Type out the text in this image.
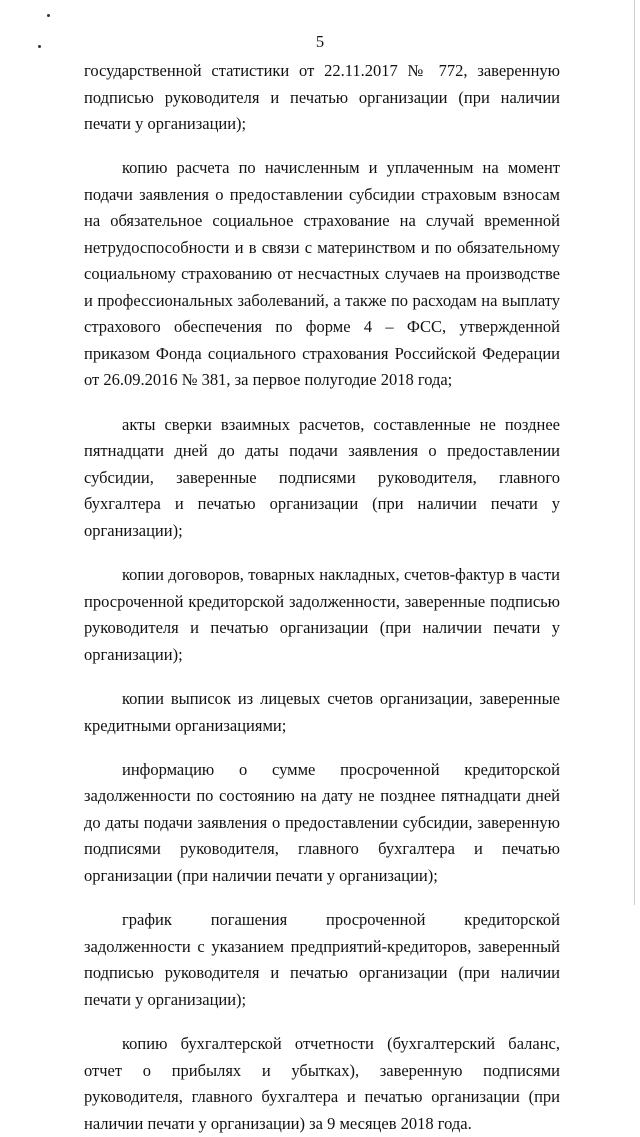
5

государственной статистики от 22.11.2017 № 772, заверенную подписью руководителя и печатью организации (при наличии печати у организации);

копию расчета по начисленным и уплаченным на момент подачи заявления о предоставлении субсидии страховым взносам на обязательное социальное страхование на случай временной нетрудоспособности и в связи с материнством и по обязательному социальному страхованию от несчастных случаев на производстве и профессиональных заболеваний, а также по расходам на выплату страхового обеспечения по форме 4 – ФСС, утвержденной приказом Фонда социального страхования Российской Федерации от 26.09.2016 № 381, за первое полугодие 2018 года;

акты сверки взаимных расчетов, составленные не позднее пятнадцати дней до даты подачи заявления о предоставлении субсидии, заверенные подписями руководителя, главного бухгалтера и печатью организации (при наличии печати у организации);

копии договоров, товарных накладных, счетов-фактур в части просроченной кредиторской задолженности, заверенные подписью руководителя и печатью организации (при наличии печати у организации);

копии выписок из лицевых счетов организации, заверенные кредитными организациями;

информацию о сумме просроченной кредиторской задолженности по состоянию на дату не позднее пятнадцати дней до даты подачи заявления о предоставлении субсидии, заверенную подписями руководителя, главного бухгалтера и печатью организации (при наличии печати у организации);

график погашения просроченной кредиторской задолженности с указанием предприятий-кредиторов, заверенный подписью руководителя и печатью организации (при наличии печати у организации);

копию бухгалтерской отчетности (бухгалтерский баланс, отчет о прибылях и убытках), заверенную подписями руководителя, главного бухгалтера и печатью организации (при наличии печати у организации) за 9 месяцев 2018 года.
